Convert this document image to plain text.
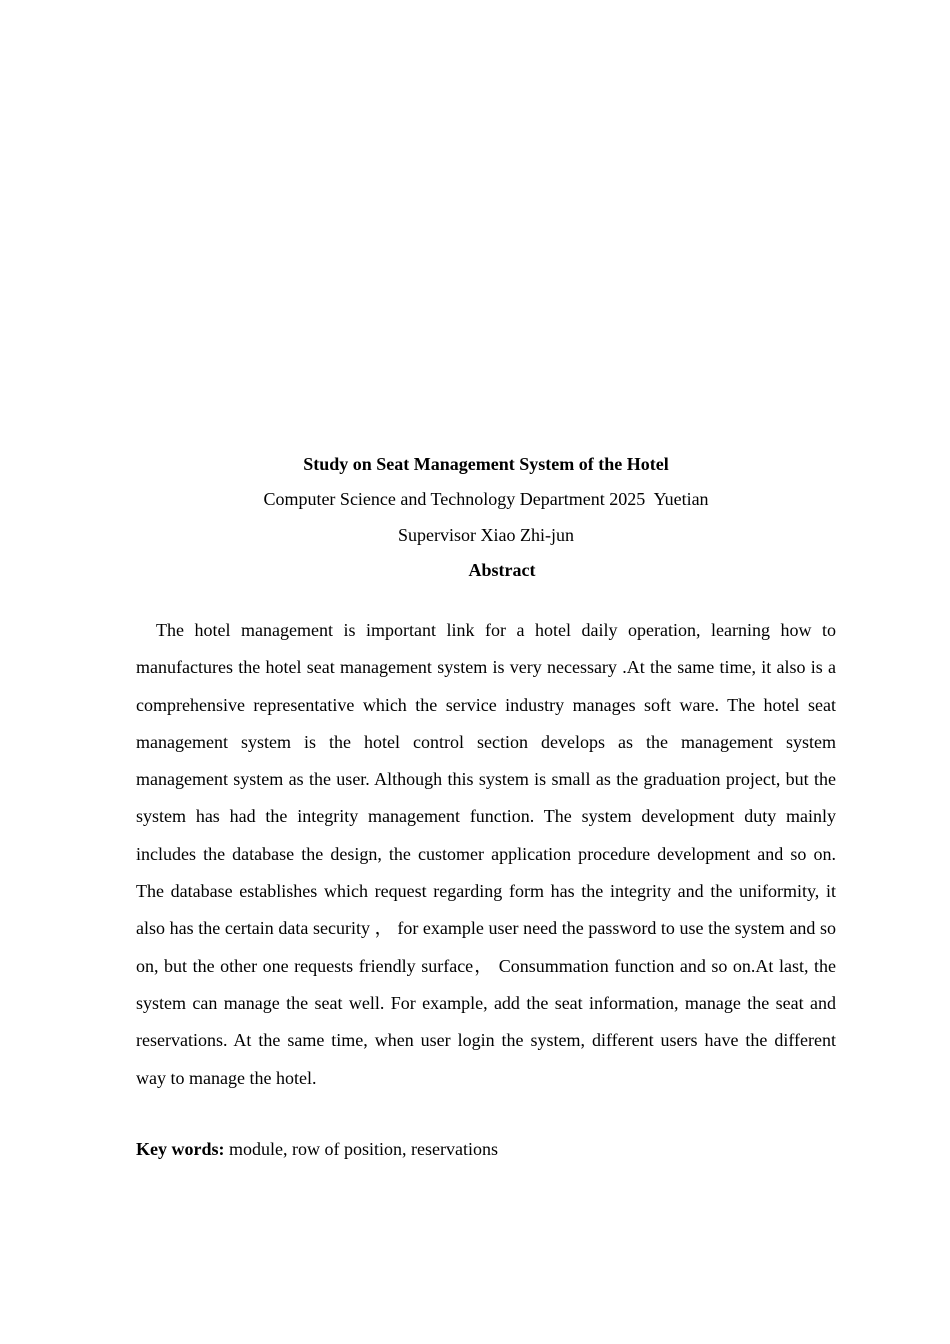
Study on Seat Management System of the Hotel
Computer Science and Technology Department 2025  Yuetian
Supervisor Xiao Zhi-jun
Abstract

The hotel management is important link for a hotel daily operation, learning how to manufactures the hotel seat management system is very necessary .At the same time, it also is a comprehensive representative which the service industry manages soft ware. The hotel seat management system is the hotel control section develops as the management system management system as the user. Although this system is small as the graduation project, but the system has had the integrity management function. The system development duty mainly includes the database the design, the customer application procedure development and so on. The database establishes which request regarding form has the integrity and the uniformity, it also has the certain data security ， for example user need the password to use the system and so on, but the other one requests friendly surface， Consummation function and so on.At last, the system can manage the seat well. For example, add the seat information, manage the seat and reservations. At the same time, when user login the system, different users have the different way to manage the hotel.

Key words: module, row of position, reservations
